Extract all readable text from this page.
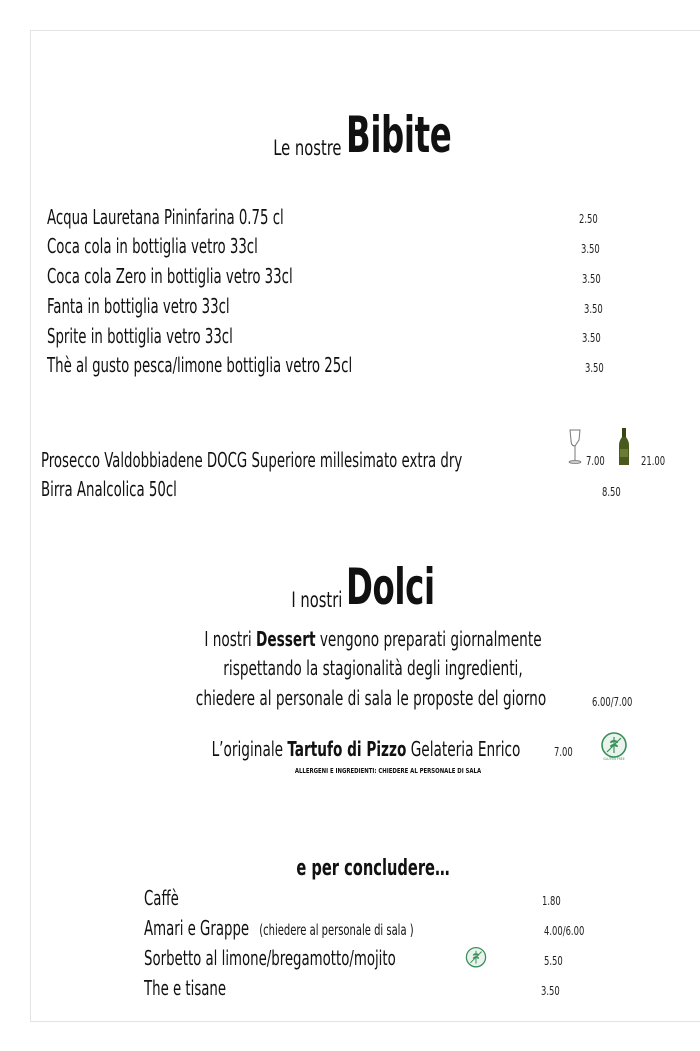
Le nostre Bibite
Acqua Lauretana Pininfarina 0.75 cl	2.50
Coca cola in bottiglia vetro 33cl	3.50
Coca cola Zero in bottiglia vetro 33cl	3.50
Fanta in bottiglia vetro 33cl	3.50
Sprite in bottiglia vetro 33cl	3.50
Thè al gusto pesca/limone bottiglia vetro 25cl	3.50
Prosecco Valdobbiadene DOCG Superiore millesimato extra dry	7.00	21.00
Birra Analcolica 50cl	8.50
I nostri Dolci
I nostri Dessert vengono preparati giornalmente
rispettando la stagionalità degli ingredienti,
chiedere al personale di sala le proposte del giorno	6.00/7.00
L’originale Tartufo di Pizzo Gelateria Enrico	7.00	GLUTEN FREE
ALLERGENI E INGREDIENTI: CHIEDERE AL PERSONALE DI SALA
e per concludere…
Caffè	1.80
Amari e Grappe (chiedere al personale di sala )	4.00/6.00
Sorbetto al limone/bregamotto/mojito	5.50
The e tisane	3.50
